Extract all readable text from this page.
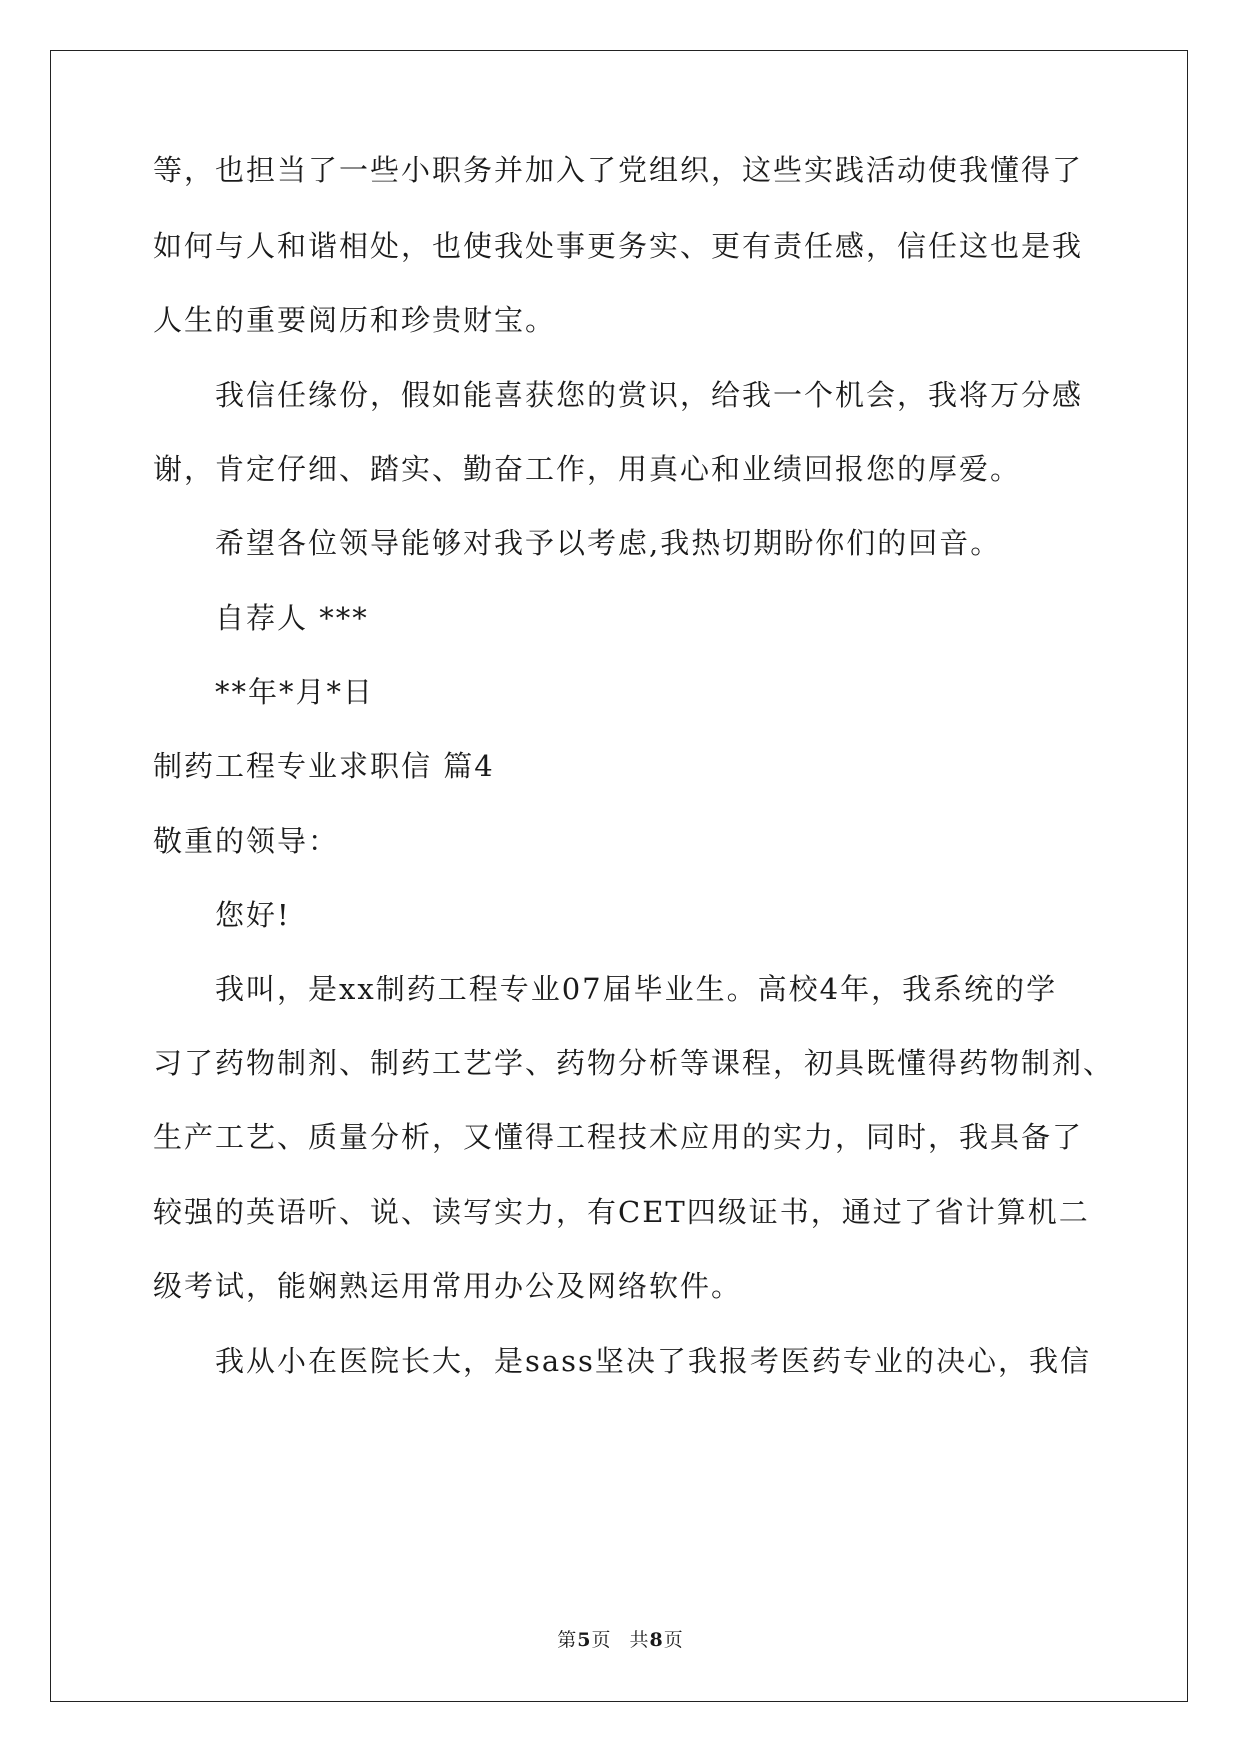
等，也担当了一些小职务并加入了党组织，这些实践活动使我懂得了
如何与人和谐相处，也使我处事更务实、更有责任感，信任这也是我
人生的重要阅历和珍贵财宝。
我信任缘份，假如能喜获您的赏识，给我一个机会，我将万分感
谢，肯定仔细、踏实、勤奋工作，用真心和业绩回报您的厚爱。
希望各位领导能够对我予以考虑,我热切期盼你们的回音。
自荐人 ***
**年*月*日
制药工程专业求职信 篇4
敬重的领导：
您好!
我叫，是xx制药工程专业07届毕业生。高校4年，我系统的学
习了药物制剂、制药工艺学、药物分析等课程，初具既懂得药物制剂、
生产工艺、质量分析，又懂得工程技术应用的实力，同时，我具备了
较强的英语听、说、读写实力，有CET四级证书，通过了省计算机二
级考试，能娴熟运用常用办公及网络软件。
我从小在医院长大，是sass坚决了我报考医药专业的决心，我信
第5页 共8页
